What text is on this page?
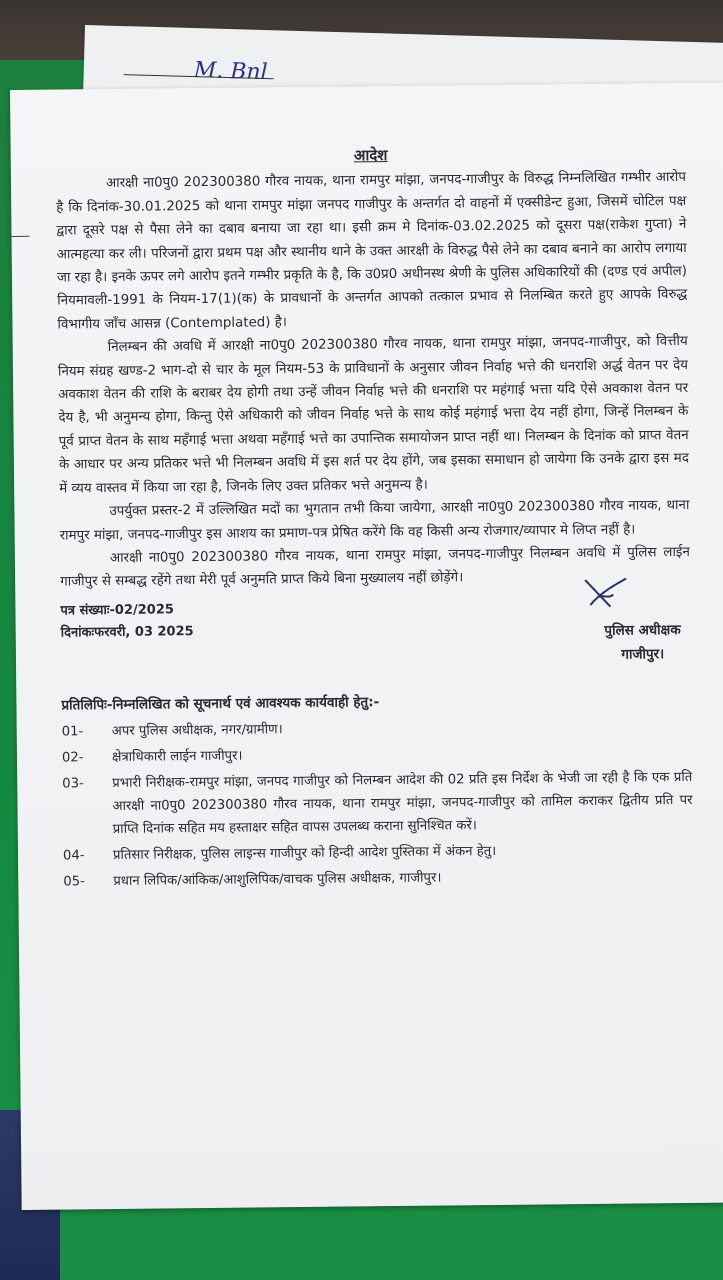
M. Bnl
आदेश

आरक्षी ना0पु0 202300380 गौरव नायक, थाना रामपुर मांझा, जनपद-गाजीपुर के विरुद्ध निम्नलिखित गम्भीर आरोप है कि दिनांक-30.01.2025 को थाना रामपुर मांझा जनपद गाजीपुर के अन्तर्गत दो वाहनों में एक्सीडेन्ट हुआ, जिसमें चोटिल पक्ष द्वारा दूसरे पक्ष से पैसा लेने का दबाव बनाया जा रहा था। इसी क्रम मे दिनांक-03.02.2025 को दूसरा पक्ष(राकेश गुप्ता) ने आत्महत्या कर ली। परिजनों द्वारा प्रथम पक्ष और स्थानीय थाने के उक्त आरक्षी के विरुद्ध पैसे लेने का दबाव बनाने का आरोप लगाया जा रहा है। इनके ऊपर लगे आरोप इतने गम्भीर प्रकृति के है, कि उ0प्र0 अधीनस्थ श्रेणी के पुलिस अधिकारियों की (दण्ड एवं अपील) नियमावली-1991 के नियम-17(1)(क) के प्रावधानों के अन्तर्गत आपको तत्काल प्रभाव से निलम्बित करते हुए आपके विरुद्ध विभागीय जाँच आसन्न (Contemplated) है।

निलम्बन की अवधि में आरक्षी ना0पु0 202300380 गौरव नायक, थाना रामपुर मांझा, जनपद-गाजीपुर, को वित्तीय नियम संग्रह खण्ड-2 भाग-दो से चार के मूल नियम-53 के प्राविधानों के अनुसार जीवन निर्वाह भत्ते की धनराशि अर्द्ध वेतन पर देय अवकाश वेतन की राशि के बराबर देय होगी तथा उन्हें जीवन निर्वाह भत्ते की धनराशि पर महंगाई भत्ता यदि ऐसे अवकाश वेतन पर देय है, भी अनुमन्य होगा, किन्तु ऐसे अधिकारी को जीवन निर्वाह भत्ते के साथ कोई महंगाई भत्ता देय नहीं होगा, जिन्हें निलम्बन के पूर्व प्राप्त वेतन के साथ महँगाई भत्ता अथवा महँगाई भत्ते का उपान्तिक समायोजन प्राप्त नहीं था। निलम्बन के दिनांक को प्राप्त वेतन के आधार पर अन्य प्रतिकर भत्ते भी निलम्बन अवधि में इस शर्त पर देय होंगे, जब इसका समाधान हो जायेगा कि उनके द्वारा इस मद में व्यय वास्तव में किया जा रहा है, जिनके लिए उक्त प्रतिकर भत्ते अनुमन्य है।

उपर्युक्त प्रस्तर-2 में उल्लिखित मदों का भुगतान तभी किया जायेगा, आरक्षी ना0पु0 202300380 गौरव नायक, थाना रामपुर मांझा, जनपद-गाजीपुर इस आशय का प्रमाण-पत्र प्रेषित करेंगे कि वह किसी अन्य रोजगार/व्यापार मे लिप्त नहीं है।

आरक्षी ना0पु0 202300380 गौरव नायक, थाना रामपुर मांझा, जनपद-गाजीपुर निलम्बन अवधि में पुलिस लाईन गाजीपुर से सम्बद्ध रहेंगे तथा मेरी पूर्व अनुमति प्राप्त किये बिना मुख्यालय नहीं छोड़ेंगे।

पत्र संख्याः-02/2025
दिनांकःफरवरी, 03 2025	पुलिस अधीक्षक
गाजीपुर।
प्रतिलिपिः-निम्नलिखित को सूचनार्थ एवं आवश्यक कार्यवाही हेतु:-
01-	अपर पुलिस अधीक्षक, नगर/ग्रामीण।
02-	क्षेत्राधिकारी लाईन गाजीपुर।
03-	प्रभारी निरीक्षक-रामपुर मांझा, जनपद गाजीपुर को निलम्बन आदेश की 02 प्रति इस निर्देश के भेजी जा रही है कि एक प्रति आरक्षी ना0पु0 202300380 गौरव नायक, थाना रामपुर मांझा, जनपद-गाजीपुर को तामिल कराकर द्वितीय प्रति पर प्राप्ति दिनांक सहित मय हस्ताक्षर सहित वापस उपलब्ध कराना सुनिश्चित करें।
04-	प्रतिसार निरीक्षक, पुलिस लाइन्स गाजीपुर को हिन्दी आदेश पुस्तिका में अंकन हेतु।
05-	प्रधान लिपिक/आंकिक/आशुलिपिक/वाचक पुलिस अधीक्षक, गाजीपुर।
